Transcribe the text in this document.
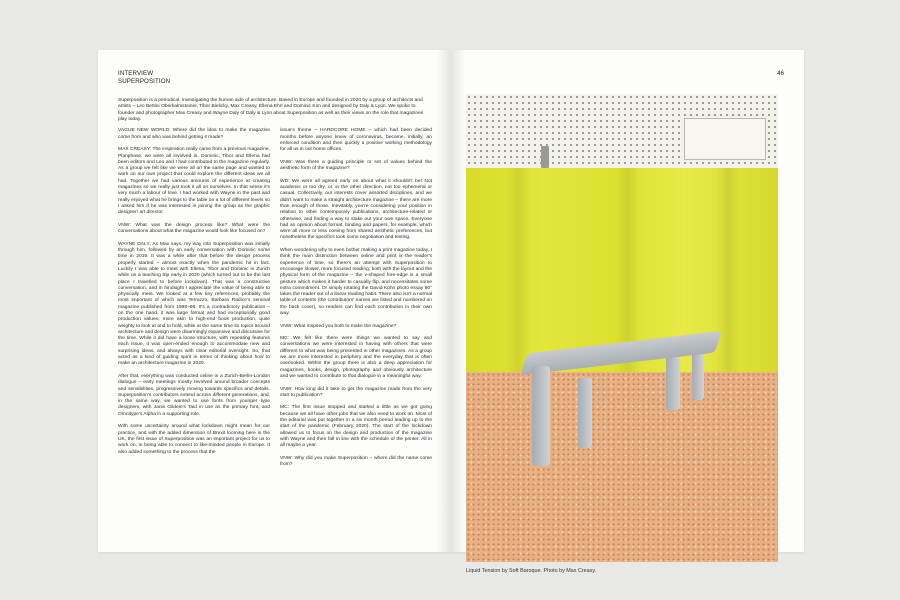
INTERVIEW
SUPERPOSITION
Superposition is a periodical, investigating the human side of architecture. Based in Europe and founded in 2020 by a group of architects and artists – Leo Bettini Oberkalmsteiner, Tibor Bielicky, Max Creasy, Ellena Ehrl and Dominic Kim and designed by Daly & Lyon. We spoke to founder and photographer Max Creasy and Wayne Daly of Daly & Lyon about Superposition as well as their views on the role that magazines play today.

VAGUE NEW WORLD: Where did the idea to make the magazine come from and who was behind getting it made?

MAX CREASY: The inspiration really came from a previous magazine, Planphase, we were all involved in. Dominic, Tibor and Ellena had been editors and Leo and I had contributed to the magazine regularly. As a group we felt like we were all on the same page and wanted to work on our own project that could explore the different ideas we all had. Together we had various amounts of experience at creating magazines so we really just took it all on ourselves. In that sense it's very much a labour of love. I had worked with Wayne in the past and really enjoyed what he brings to the table on a lot of different levels so I asked him if he was interested in joining the group as the graphic designer/ art director.

VNW: What was the design process like? What were the conversations about what the magazine would look like focused on?

WAYNE DALY: As Max says, my way into Superposition was initially through him, followed by an early conversation with Dominic some time in 2019. It was a while after that before the design process properly started – almost exactly when the pandemic hit in fact. Luckily I was able to meet with Ellena, Tibor and Dominic in Zurich while on a teaching trip early in 2020 (which turned out to be the last place I travelled to before lockdown). That was a constructive conversation, and in hindsight I appreciate the value of being able to physically meet. We looked at a few key references, probably the most important of which was Terrazzo, Barbara Radice's seminal magazine published from 1988–96. It's a contradictory publication – on the one hand, it was large format and had exceptionally good production values, more akin to high-end book production, quite weighty to look at and to hold, while at the same time its topics around architecture and design were disarmingly expansive and discursive for the time. While it did have a loose structure, with repeating features each issue, it was open-ended enough to accommodate new and surprising ideas, and always with clear editorial oversight. So, that acted as a kind of guiding spirit in terms of thinking about how to make an architecture magazine in 2020.

After that, everything was conducted online in a Zurich-Berlin-London dialogue – early meetings mostly revolved around broader concepts and sensibilities, progressively moving towards specifics and details. Superposition's contributors extend across different generations, and, in the same way, we wanted to use fonts from younger type designers, with Janis Gildein's Taid in use as the primary font, and Omnitype's Alpha in a supporting role.

With some uncertainty around what lockdown might mean for our practice, and with the added dimension of Brexit looming here in the UK, the first issue of Superposition was an important project for us to work on, in being able to connect to like-minded people in Europe. It also added something to the process that the

issue's theme – HARDCORE HOME – which had been decided months before anyone knew of coronavirus, became, initially, an enforced condition and then quickly a positive working methodology for all us in our home offices.

VNW: Was there a guiding principle or set of values behind the aesthetic form of the magazine?

WD: We were all agreed early on about what it shouldn't be! Not academic or too dry, or, in the other direction, not too ephemeral or casual. Collectively, our interests cover assorted disciplines, and we didn't want to make a straight architecture magazine – there are more than enough of those. Inevitably, you're considering your position in relation to other contemporary publications, architecture-related or otherwise, and finding a way to stake out your own space. Everyone had an opinion about format, binding and papers, for example, which were all more or less coming from shared aesthetic preferences, but nonetheless the specifics took some negotiation and testing.

When wondering why to even bother making a print magazine today, I think the main distinction between online and print is the reader's experience of time, so there's an attempt with Superposition to encourage slower, more focused reading, both with the layout and the physical form of the magazine – the v-shaped fore-edge is a small gesture which makes it harder to casually flip, and necessitates some extra commitment. Or simply rotating the David Kohn photo essay 90° takes the reader out of a linear reading habit. There also isn't a normal table of contents (the contributors' names are listed and numbered on the back cover), so readers can find each contribution in their own way.

VNW: What inspired you both to make the magazine?

MC: We felt like there were things we wanted to say and conversations we were interested in having with others that were different to what was being presented in other magazines. As a group we are more interested in periphery and the everyday that is often overlooked. Within the group there is also a deep appreciation for magazines, books, design, photography and obviously architecture and we wanted to contribute to that dialogue in a meaningful way.

VNW: How long did it take to get the magazine made from the very start to publication?

MC: The first issue stopped and started a little as we got going because we all have other jobs that we also need to work on. Most of the editorial was put together in a six month period leading up to the start of the pandemic (February 2020). The start of the lockdown allowed us to focus on the design and production of the magazine with Wayne and then fall in line with the schedule of the printer. All in all maybe a year.

VNW: Why did you make Superposition – where did the name come from?

46
Liquid Tension by Soft Baroque. Photo by Max Creasy.
